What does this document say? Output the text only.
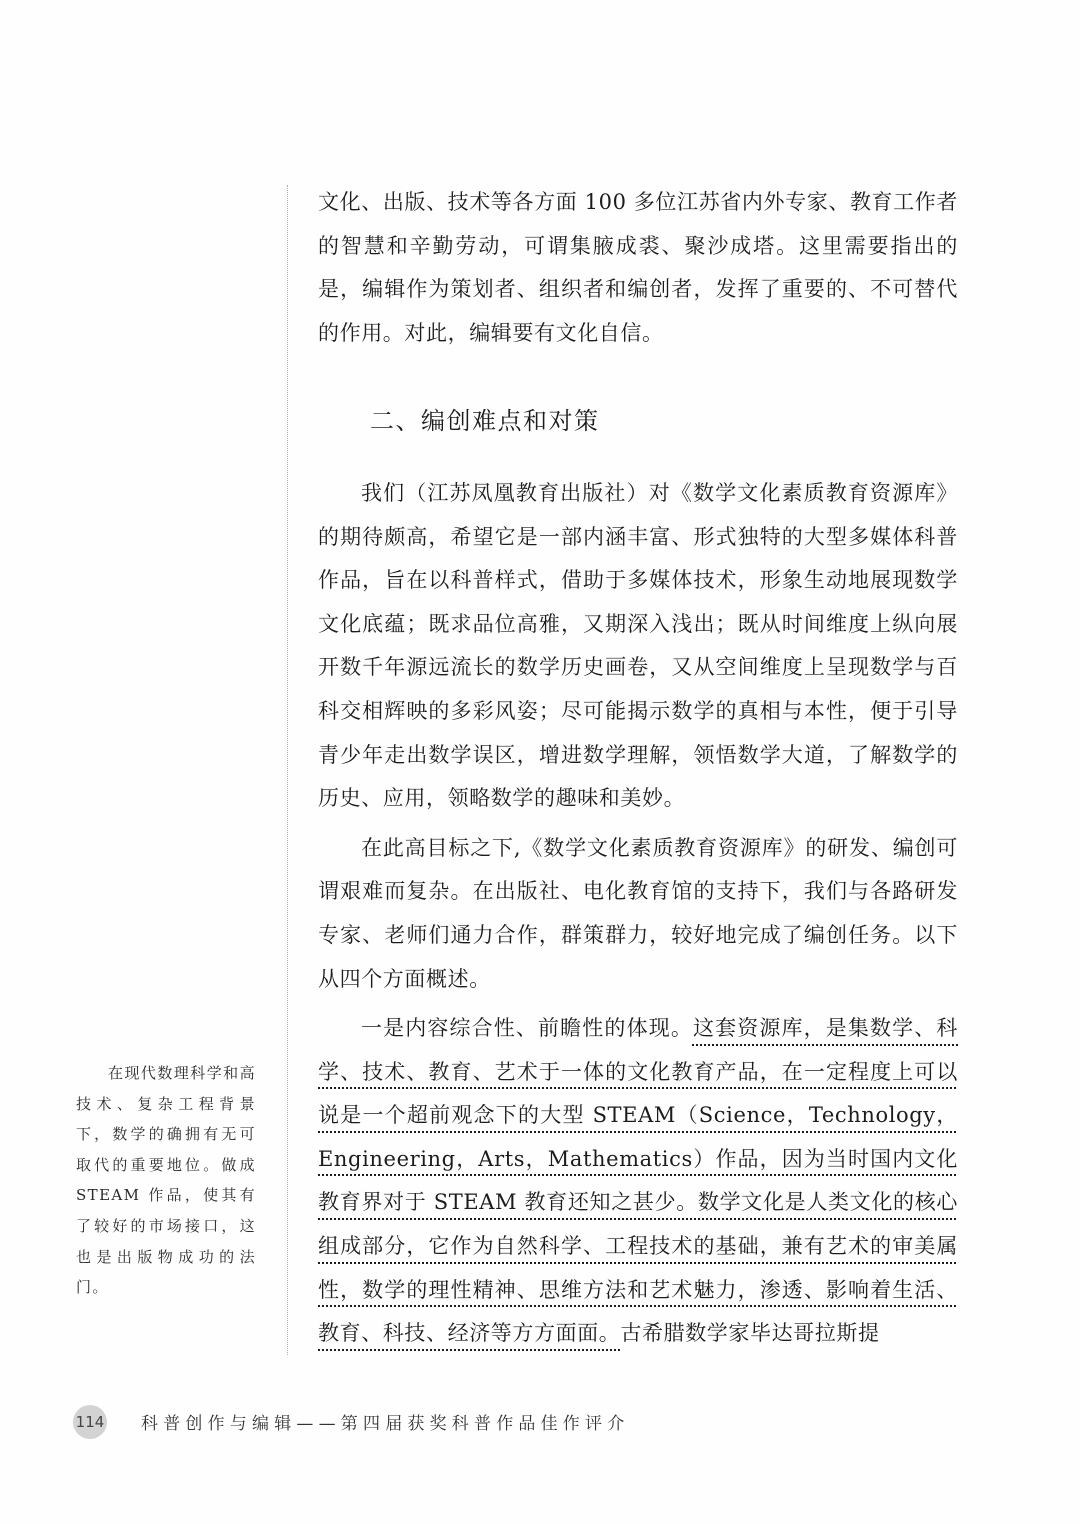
文化、出版、技术等各方面 100 多位江苏省内外专家、教育工作者的智慧和辛勤劳动，可谓集腋成裘、聚沙成塔。这里需要指出的是，编辑作为策划者、组织者和编创者，发挥了重要的、不可替代的作用。对此，编辑要有文化自信。

二、编创难点和对策

我们（江苏凤凰教育出版社）对《数学文化素质教育资源库》的期待颇高，希望它是一部内涵丰富、形式独特的大型多媒体科普作品，旨在以科普样式，借助于多媒体技术，形象生动地展现数学文化底蕴；既求品位高雅，又期深入浅出；既从时间维度上纵向展开数千年源远流长的数学历史画卷，又从空间维度上呈现数学与百科交相辉映的多彩风姿；尽可能揭示数学的真相与本性，便于引导青少年走出数学误区，增进数学理解，领悟数学大道，了解数学的历史、应用，领略数学的趣味和美妙。

在此高目标之下,《数学文化素质教育资源库》的研发、编创可谓艰难而复杂。在出版社、电化教育馆的支持下，我们与各路研发专家、老师们通力合作，群策群力，较好地完成了编创任务。以下从四个方面概述。

一是内容综合性、前瞻性的体现。这套资源库，是集数学、科学、技术、教育、艺术于一体的文化教育产品，在一定程度上可以说是一个超前观念下的大型 STEAM（Science，Technology，Engineering，Arts，Mathematics）作品，因为当时国内文化教育界对于 STEAM 教育还知之甚少。数学文化是人类文化的核心组成部分，它作为自然科学、工程技术的基础，兼有艺术的审美属性，数学的理性精神、思维方法和艺术魅力，渗透、影响着生活、教育、科技、经济等方方面面。古希腊数学家毕达哥拉斯提

在现代数理科学和高技术、复杂工程背景下，数学的确拥有无可取代的重要地位。做成 STEAM 作品，使其有了较好的市场接口，这也是出版物成功的法门。

114 科普创作与编辑——第四届获奖科普作品佳作评介
